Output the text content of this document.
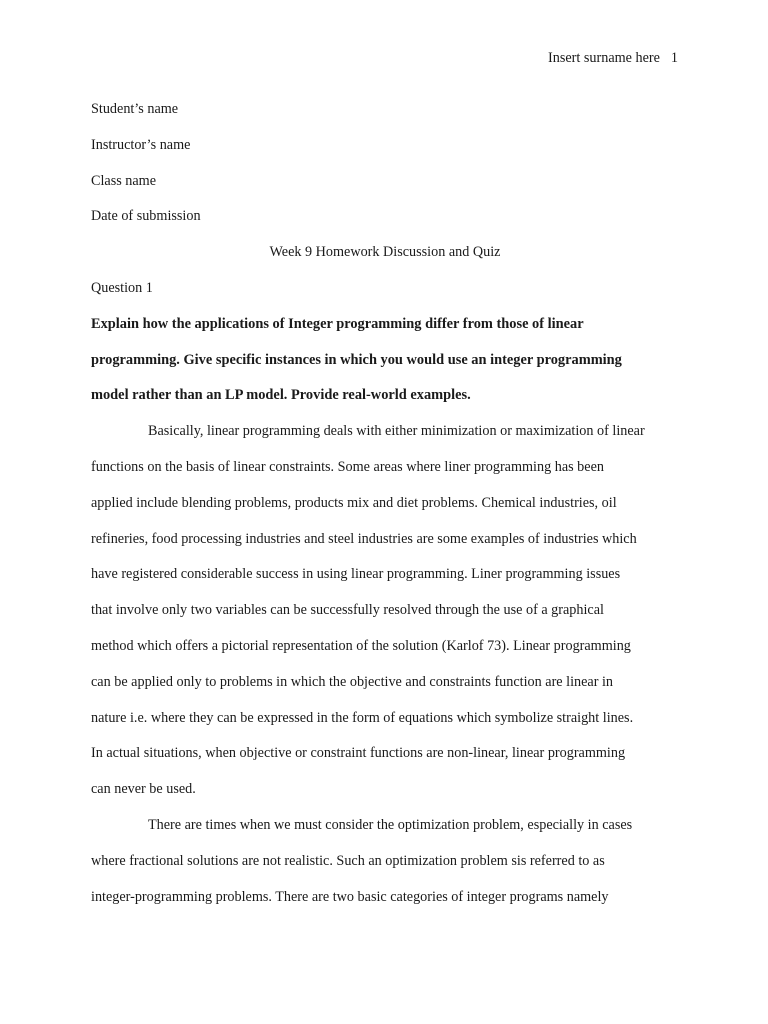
Insert surname here 1
Student’s name
Instructor’s name
Class name
Date of submission
Week 9 Homework Discussion and Quiz
Question 1
Explain how the applications of Integer programming differ from those of linear
programming. Give specific instances in which you would use an integer programming
model rather than an LP model. Provide real-world examples.
Basically, linear programming deals with either minimization or maximization of linear
functions on the basis of linear constraints. Some areas where liner programming has been
applied include blending problems, products mix and diet problems. Chemical industries, oil
refineries, food processing industries and steel industries are some examples of industries which
have registered considerable success in using linear programming. Liner programming issues
that involve only two variables can be successfully resolved through the use of a graphical
method which offers a pictorial representation of the solution (Karlof 73). Linear programming
can be applied only to problems in which the objective and constraints function are linear in
nature i.e. where they can be expressed in the form of equations which symbolize straight lines.
In actual situations, when objective or constraint functions are non-linear, linear programming
can never be used.
There are times when we must consider the optimization problem, especially in cases
where fractional solutions are not realistic. Such an optimization problem sis referred to as
integer-programming problems. There are two basic categories of integer programs namely
